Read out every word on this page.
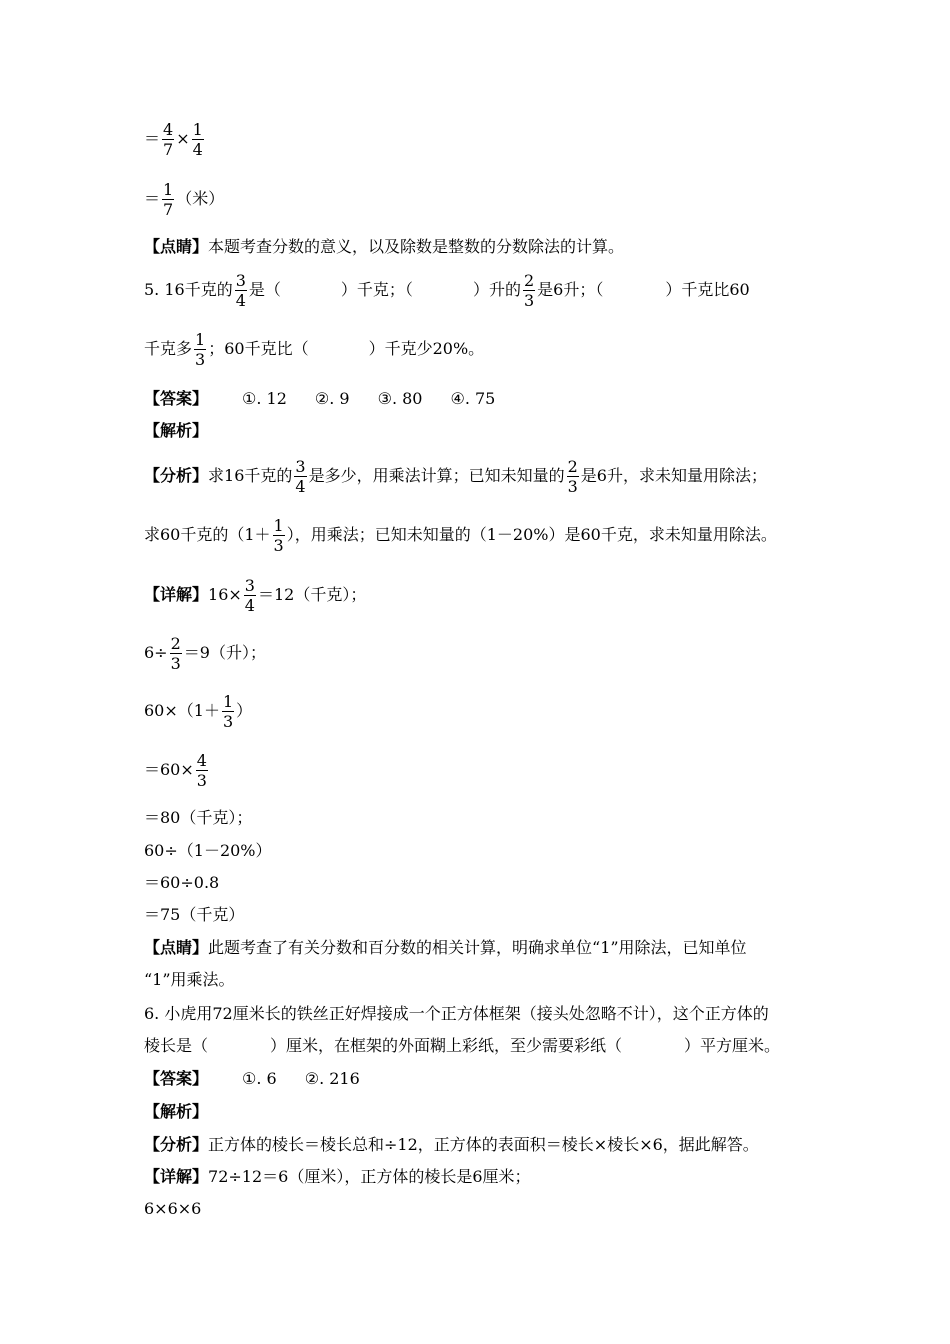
＝ $\frac{4}{7} \times \frac{1}{4}$
＝ $\frac{1}{7}$ （米）
【点睛】本题考查分数的意义，以及除数是整数的分数除法的计算。
5. 16千克的 $\frac{3}{4}$ 是（	）千克；（	）升的 $\frac{2}{3}$ 是6升；（	）千克比60
千克多 $\frac{1}{3}$ ；60千克比（	）千克少20%。
【答案】 ①. 12 ②. 9 ③. 80 ④. 75
【解析】
【分析】求16千克的 $\frac{3}{4}$ 是多少，用乘法计算；已知未知量的 $\frac{2}{3}$ 是6升，求未知量用除法；
求60千克的（$1+ \frac{1}{3}$ ），用乘法；已知未知量的（1－20%）是60千克，求未知量用除法。
【详解】$16\times \frac{3}{4} =12$（千克）；
$6\div \frac{2}{3} =9$（升）；
$60\times(1+ \frac{1}{3}$ ）
$=60\times \frac{4}{3}$
＝80（千克）；
60÷（1－20%）
＝60÷0.8
＝75（千克）
【点睛】此题考查了有关分数和百分数的相关计算，明确求单位“1”用除法，已知单位
“1”用乘法。
6. 小虎用72厘米长的铁丝正好焊接成一个正方体框架（接头处忽略不计），这个正方体的
棱长是（	）厘米，在框架的外面糊上彩纸，至少需要彩纸（	）平方厘米。
【答案】 ①. 6 ②. 216
【解析】
【分析】正方体的棱长＝棱长总和÷12，正方体的表面积＝棱长×棱长×6，据此解答。
【详解】72÷12＝6（厘米），正方体的棱长是6厘米；
6×6×6
